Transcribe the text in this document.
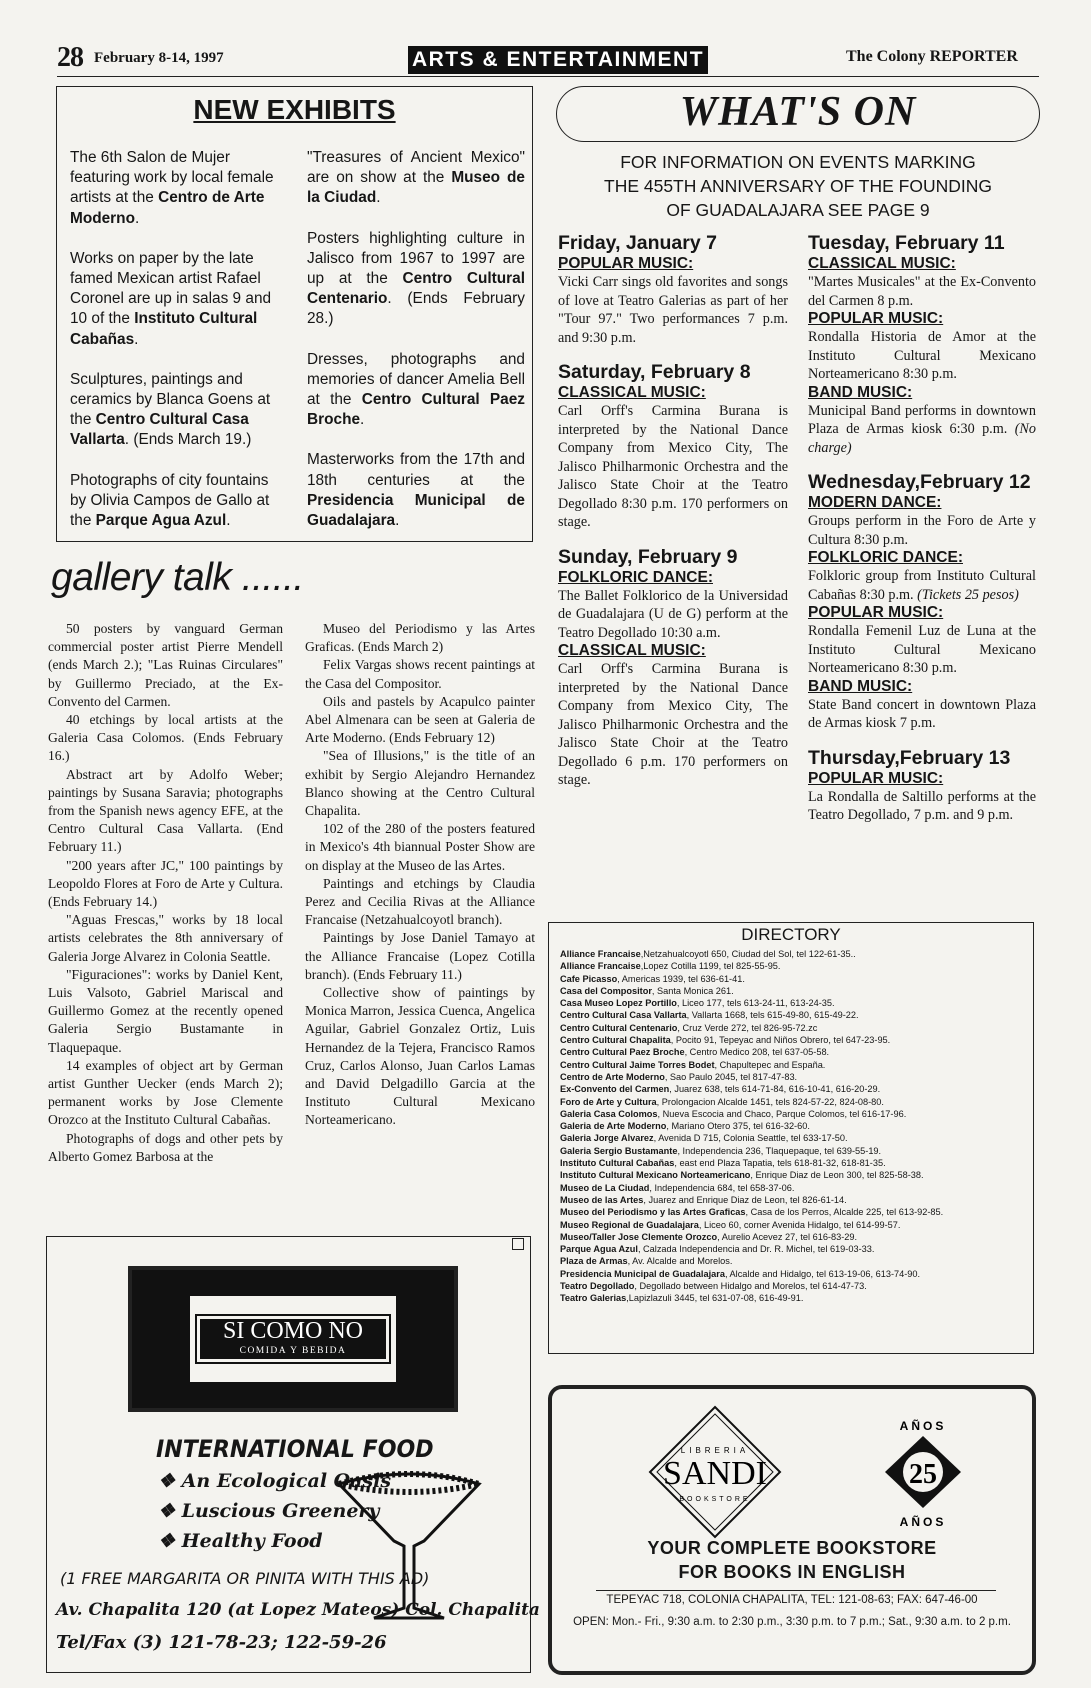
28 February 8-14, 1997	ARTS & ENTERTAINMENT	The Colony REPORTER
NEW EXHIBITS

The 6th Salon de Mujer featuring work by local female artists at the Centro de Arte Moderno.

Works on paper by the late famed Mexican artist Rafael Coronel are up in salas 9 and 10 of the Instituto Cultural Cabañas.

Sculptures, paintings and ceramics by Blanca Goens at the Centro Cultural Casa Vallarta. (Ends March 19.)

Photographs of city fountains by Olivia Campos de Gallo at the Parque Agua Azul.

"Treasures of Ancient Mexico" are on show at the Museo de la Ciudad.

Posters highlighting culture in Jalisco from 1967 to 1997 are up at the Centro Cultural Centenario. (Ends February 28.)

Dresses, photographs and memories of dancer Amelia Bell at the Centro Cultural Paez Broche.

Masterworks from the 17th and 18th centuries at the Presidencia Municipal de Guadalajara.

gallery talk ......

50 posters by vanguard German commercial poster artist Pierre Mendell (ends March 2.); "Las Ruinas Circulares" by Guillermo Preciado, at the Ex-Convento del Carmen.

40 etchings by local artists at the Galeria Casa Colomos. (Ends February 16.)

Abstract art by Adolfo Weber; paintings by Susana Saravia; photographs from the Spanish news agency EFE, at the Centro Cultural Casa Vallarta. (End February 11.)

"200 years after JC," 100 paintings by Leopoldo Flores at Foro de Arte y Cultura. (Ends February 14.)

"Aguas Frescas," works by 18 local artists celebrates the 8th anniversary of Galeria Jorge Alvarez in Colonia Seattle.

"Figuraciones": works by Daniel Kent, Luis Valsoto, Gabriel Mariscal and Guillermo Gomez at the recently opened Galeria Sergio Bustamante in Tlaquepaque.

14 examples of object art by German artist Gunther Uecker (ends March 2); permanent works by Jose Clemente Orozco at the Instituto Cultural Cabañas.

Photographs of dogs and other pets by Alberto Gomez Barbosa at the

Museo del Periodismo y las Artes Graficas. (Ends March 2)

Felix Vargas shows recent paintings at the Casa del Compositor.

Oils and pastels by Acapulco painter Abel Almenara can be seen at Galeria de Arte Moderno. (Ends February 12)

"Sea of Illusions," is the title of an exhibit by Sergio Alejandro Hernandez Blanco showing at the Centro Cultural Chapalita.

102 of the 280 of the posters featured in Mexico's 4th biannual Poster Show are on display at the Museo de las Artes.

Paintings and etchings by Claudia Perez and Cecilia Rivas at the Alliance Francaise (Netzahualcoyotl branch).

Paintings by Jose Daniel Tamayo at the Alliance Francaise (Lopez Cotilla branch). (Ends February 11.)

Collective show of paintings by Monica Marron, Jessica Cuenca, Angelica Aguilar, Gabriel Gonzalez Ortiz, Luis Hernandez de la Tejera, Francisco Ramos Cruz, Carlos Alonso, Juan Carlos Lamas and David Delgadillo Garcia at the Instituto Cultural Mexicano Norteamericano.

SI COMO NO
COMIDA Y BEBIDA
INTERNATIONAL FOOD
❖ An Ecological Oasis
❖ Luscious Greenery
❖ Healthy Food
(1 FREE MARGARITA OR PINITA WITH THIS AD)
Av. Chapalita 120 (at Lopez Mateos) Col. Chapalita
Tel/Fax (3) 121-78-23; 122-59-26
WHAT'S ON
FOR INFORMATION ON EVENTS MARKING
THE 455TH ANNIVERSARY OF THE FOUNDING
OF GUADALAJARA SEE PAGE 9
Friday, January 7
POPULAR MUSIC:
Vicki Carr sings old favorites and songs of love at Teatro Galerias as part of her "Tour 97." Two performances 7 p.m. and 9:30 p.m.
Saturday, February 8
CLASSICAL MUSIC:
Carl Orff's Carmina Burana is interpreted by the National Dance Company from Mexico City, The Jalisco Philharmonic Orchestra and the Jalisco State Choir at the Teatro Degollado 8:30 p.m. 170 performers on stage.
Sunday, February 9
FOLKLORIC DANCE:
The Ballet Folklorico de la Universidad de Guadalajara (U de G) perform at the Teatro Degollado 10:30 a.m.
CLASSICAL MUSIC:
Carl Orff's Carmina Burana is interpreted by the National Dance Company from Mexico City, The Jalisco Philharmonic Orchestra and the Jalisco State Choir at the Teatro Degollado 6 p.m. 170 performers on stage.
Tuesday, February 11
CLASSICAL MUSIC:
"Martes Musicales" at the Ex-Convento del Carmen 8 p.m.
POPULAR MUSIC:
Rondalla Historia de Amor at the Instituto Cultural Mexicano Norteamericano 8:30 p.m.
BAND MUSIC:
Municipal Band performs in downtown Plaza de Armas kiosk 6:30 p.m. (No charge)
Wednesday,February 12
MODERN DANCE:
Groups perform in the Foro de Arte y Cultura 8:30 p.m.
FOLKLORIC DANCE:
Folkloric group from Instituto Cultural Cabañas 8:30 p.m. (Tickets 25 pesos)
POPULAR MUSIC:
Rondalla Femenil Luz de Luna at the Instituto Cultural Mexicano Norteamericano 8:30 p.m.
BAND MUSIC:
State Band concert in downtown Plaza de Armas kiosk 7 p.m.
Thursday,February 13
POPULAR MUSIC:
La Rondalla de Saltillo performs at the Teatro Degollado, 7 p.m. and 9 p.m.
DIRECTORY
Alliance Francaise,Netzahualcoyotl 650, Ciudad del Sol, tel 122-61-35..
Alliance Francaise,Lopez Cotilla 1199, tel 825-55-95.
Cafe Picasso, Americas 1939, tel 636-61-41.
Casa del Compositor, Santa Monica 261.
Casa Museo Lopez Portillo, Liceo 177, tels 613-24-11, 613-24-35.
Centro Cultural Casa Vallarta, Vallarta 1668, tels 615-49-80, 615-49-22.
Centro Cultural Centenario, Cruz Verde 272, tel 826-95-72.zc
Centro Cultural Chapalita, Pocito 91, Tepeyac and Niños Obrero, tel 647-23-95.
Centro Cultural Paez Broche, Centro Medico 208, tel 637-05-58.
Centro Cultural Jaime Torres Bodet, Chapultepec and España.
Centro de Arte Moderno, Sao Paulo 2045, tel 817-47-83.
Ex-Convento del Carmen, Juarez 638, tels 614-71-84, 616-10-41, 616-20-29.
Foro de Arte y Cultura, Prolongacion Alcalde 1451, tels 824-57-22, 824-08-80.
Galeria Casa Colomos, Nueva Escocia and Chaco, Parque Colomos, tel 616-17-96.
Galeria de Arte Moderno, Mariano Otero 375, tel 616-32-60.
Galeria Jorge Alvarez, Avenida D 715, Colonia Seattle, tel 633-17-50.
Galeria Sergio Bustamante, Independencia 236, Tlaquepaque, tel 639-55-19.
Instituto Cultural Cabañas, east end Plaza Tapatia, tels 618-81-32, 618-81-35.
Instituto Cultural Mexicano Norteamericano, Enrique Diaz de Leon 300, tel 825-58-38.
Museo de La Ciudad, Independencia 684, tel 658-37-06.
Museo de las Artes, Juarez and Enrique Diaz de Leon, tel 826-61-14.
Museo del Periodismo y las Artes Graficas, Casa de los Perros, Alcalde 225, tel 613-92-85.
Museo Regional de Guadalajara, Liceo 60, corner Avenida Hidalgo, tel 614-99-57.
Museo/Taller Jose Clemente Orozco, Aurelio Acevez 27, tel 616-83-29.
Parque Agua Azul, Calzada Independencia and Dr. R. Michel, tel 619-03-33.
Plaza de Armas, Av. Alcalde and Morelos.
Presidencia Municipal de Guadalajara, Alcalde and Hidalgo, tel 613-19-06, 613-74-90.
Teatro Degollado, Degollado between Hidalgo and Morelos, tel 614-47-73.
Teatro Galerias,Lapizlazuli 3445, tel 631-07-08, 616-49-91.
LIBRERIA
SANDI
BOOKSTORE
AÑOS
25
AÑOS
YOUR COMPLETE BOOKSTORE
FOR BOOKS IN ENGLISH
TEPEYAC 718, COLONIA CHAPALITA, TEL: 121-08-63; FAX: 647-46-00
OPEN: Mon.- Fri., 9:30 a.m. to 2:30 p.m., 3:30 p.m. to 7 p.m.; Sat., 9:30 a.m. to 2 p.m.
